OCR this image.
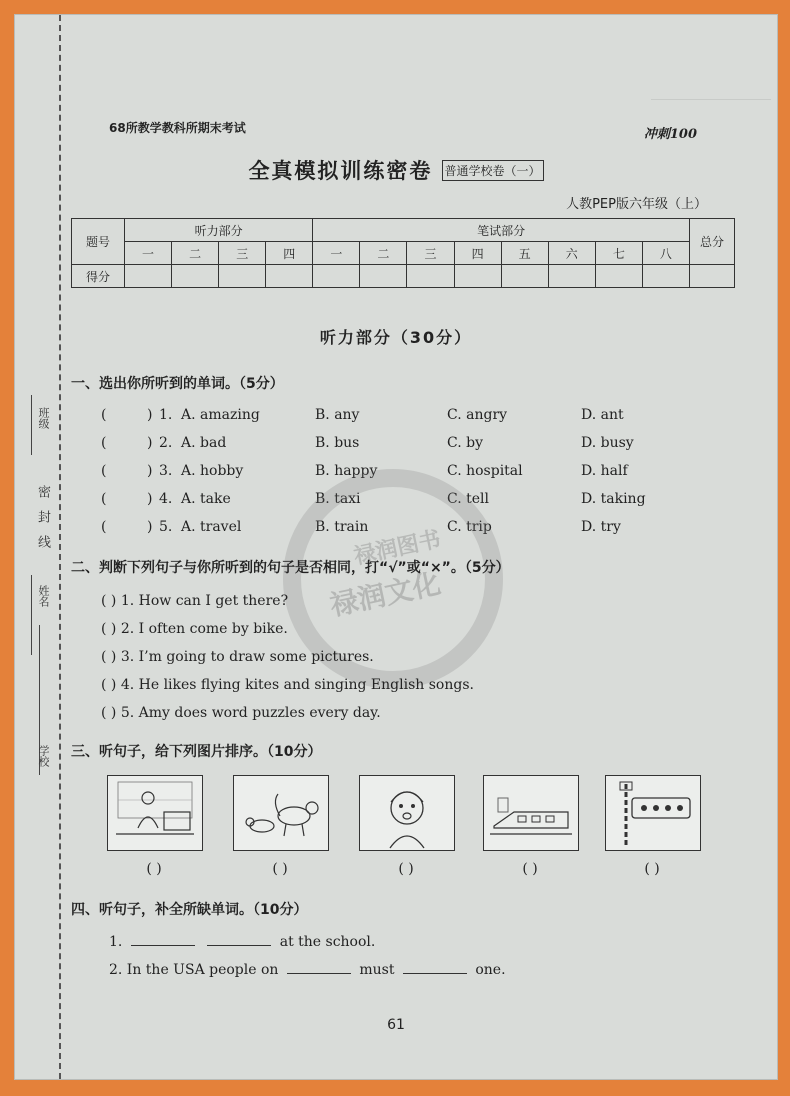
班级
密封线
姓名
学校
68所教学教科所期末考试	冲刺100
全真模拟训练密卷 普通学校卷（一）
人教PEP版六年级（上）
题号	听力部分				笔试部分								总分
	一	二	三	四	一	二	三	四	五	六	七	八	
得分													
听力部分（30分）
一、选出你所听到的单词。（5分）
(	) 1. A. amazing	B. any	C. angry	D. ant
(	) 2. A. bad	B. bus	C. by	D. busy
(	) 3. A. hobby	B. happy	C. hospital	D. half
(	) 4. A. take	B. taxi	C. tell	D. taking
(	) 5. A. travel	B. train	C. trip	D. try
禄润图书
禄润文化
二、判断下列句子与你所听到的句子是否相同，打“√”或“×”。（5分）
( ) 1. How can I get there?
( ) 2. I often come by bike.
( ) 3. I’m going to draw some pictures.
( ) 4. He likes flying kites and singing English songs.
( ) 5. Amy does word puzzles every day.
三、听句子，给下列图片排序。（10分）
( )	( )	( )	( )	( )
四、听句子，补全所缺单词。（10分）
1.	at the school.
2. In the USA people on	must	one.
61
